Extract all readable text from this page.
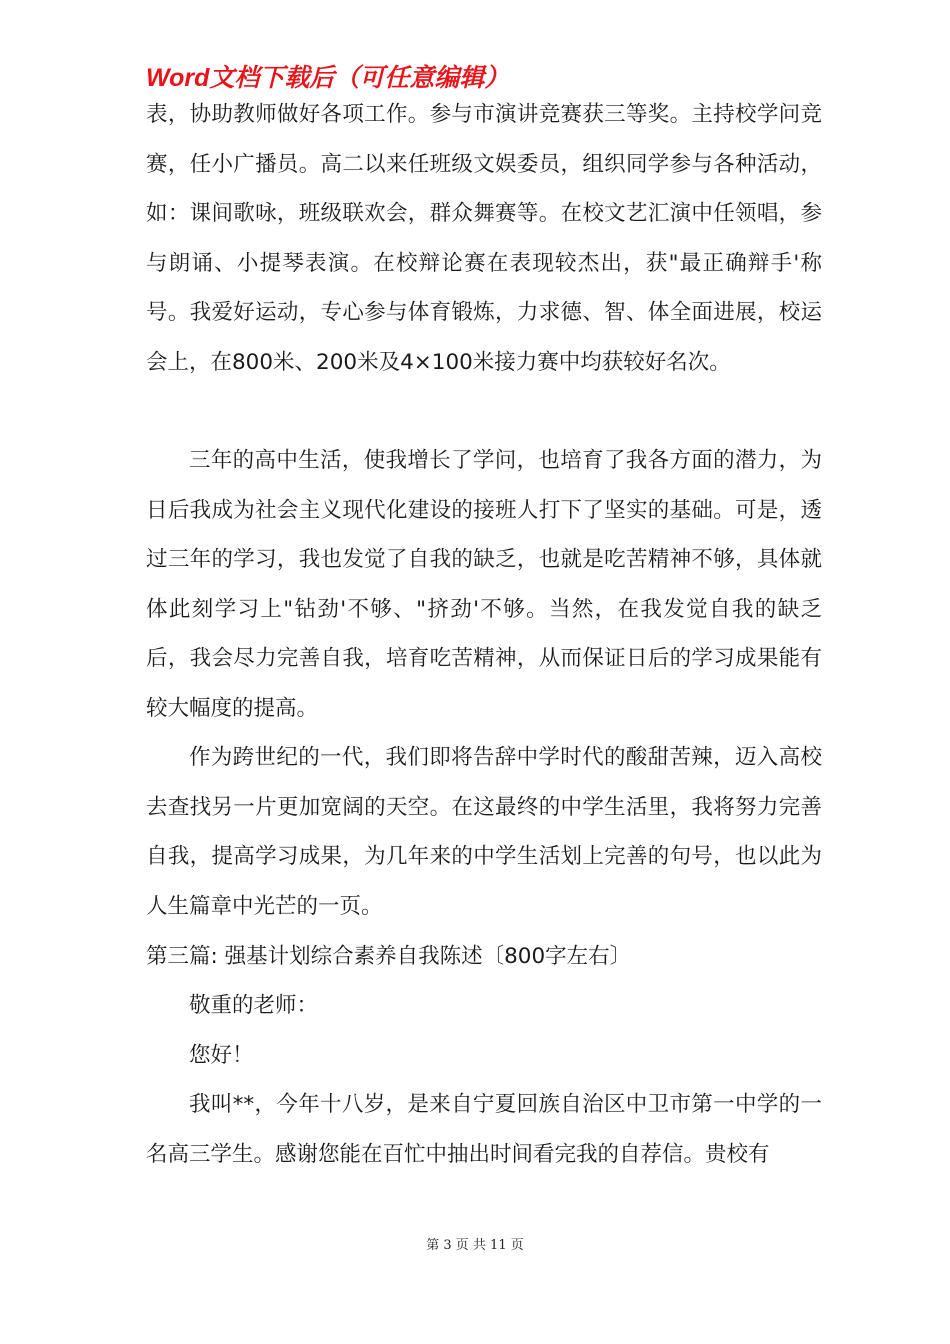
Word文档下载后（可任意编辑）
表，协助教师做好各项工作。参与市演讲竞赛获三等奖。主持校学问竞赛，任小广播员。高二以来任班级文娱委员，组织同学参与各种活动，如：课间歌咏，班级联欢会，群众舞赛等。在校文艺汇演中任领唱，参与朗诵、小提琴表演。在校辩论赛在表现较杰出，获"最正确辩手'称号。我爱好运动，专心参与体育锻炼，力求德、智、体全面进展，校运会上，在800米、200米及4×100米接力赛中均获较好名次。
三年的高中生活，使我增长了学问，也培育了我各方面的潜力，为日后我成为社会主义现代化建设的接班人打下了坚实的基础。可是，透过三年的学习，我也发觉了自我的缺乏，也就是吃苦精神不够，具体就体此刻学习上"钻劲'不够、"挤劲'不够。当然，在我发觉自我的缺乏后，我会尽力完善自我，培育吃苦精神，从而保证日后的学习成果能有较大幅度的提高。
作为跨世纪的一代，我们即将告辞中学时代的酸甜苦辣，迈入高校去查找另一片更加宽阔的天空。在这最终的中学生活里，我将努力完善自我，提高学习成果，为几年来的中学生活划上完善的句号，也以此为人生篇章中光芒的一页。
第三篇: 强基计划综合素养自我陈述〔800字左右〕
敬重的老师：
您好！
我叫**，今年十八岁，是来自宁夏回族自治区中卫市第一中学的一名高三学生。感谢您能在百忙中抽出时间看完我的自荐信。贵校有
第 3 页 共 11 页
